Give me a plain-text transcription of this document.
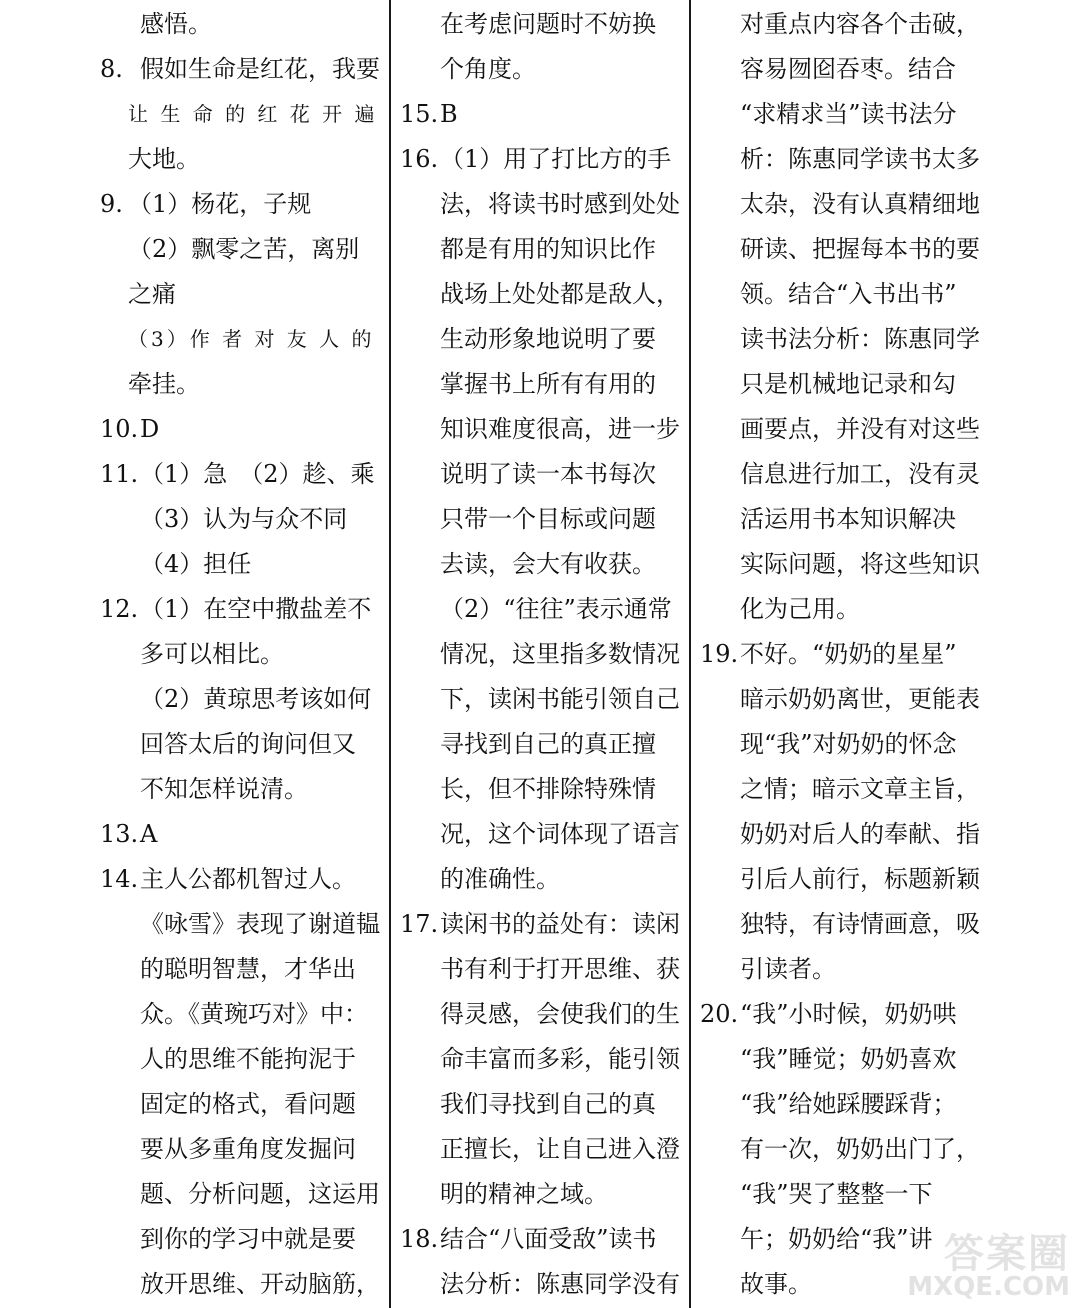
感悟。
8. 假如生命是红花，我要
让 生 命 的 红 花 开 遍
大地。
9. （1）杨花，子规
（2）飘零之苦，离别
之痛
（3）作 者 对 友 人 的
牵挂。
10. D
11. （1）急　（2）趁、乘
（3）认为与众不同
（4）担任
12. （1）在空中撒盐差不
多可以相比。
（2）黄琼思考该如何
回答太后的询问但又
不知怎样说清。
13. A
14. 主人公都机智过人。
《咏雪》表现了谢道韫
的聪明智慧，才华出
众。《黄琬巧对》中：
人的思维不能拘泥于
固定的格式，看问题
要从多重角度发掘问
题、分析问题，这运用
到你的学习中就是要
放开思维、开动脑筋，
在考虑问题时不妨换
个角度。
15. B
16. （1）用了打比方的手
法，将读书时感到处处
都是有用的知识比作
战场上处处都是敌人，
生动形象地说明了要
掌握书上所有有用的
知识难度很高，进一步
说明了读一本书每次
只带一个目标或问题
去读，会大有收获。
（2）“往往”表示通常
情况，这里指多数情况
下，读闲书能引领自己
寻找到自己的真正擅
长，但不排除特殊情
况，这个词体现了语言
的准确性。
17. 读闲书的益处有：读闲
书有利于打开思维、获
得灵感，会使我们的生
命丰富而多彩，能引领
我们寻找到自己的真
正擅长，让自己进入澄
明的精神之域。
18. 结合“八面受敌”读书
法分析：陈惠同学没有
对重点内容各个击破，
容易囫囵吞枣。结合
“求精求当”读书法分
析：陈惠同学读书太多
太杂，没有认真精细地
研读、把握每本书的要
领。结合“入书出书”
读书法分析：陈惠同学
只是机械地记录和勾
画要点，并没有对这些
信息进行加工，没有灵
活运用书本知识解决
实际问题，将这些知识
化为己用。
19. 不好。“奶奶的星星”
暗示奶奶离世，更能表
现“我”对奶奶的怀念
之情；暗示文章主旨，
奶奶对后人的奉献、指
引后人前行，标题新颖
独特，有诗情画意，吸
引读者。
20. “我”小时候，奶奶哄
“我”睡觉；奶奶喜欢
“我”给她踩腰踩背；
有一次，奶奶出门了，
“我”哭了整整一下
午；奶奶给“我”讲
故事。
答案圈
MXQE.COM
